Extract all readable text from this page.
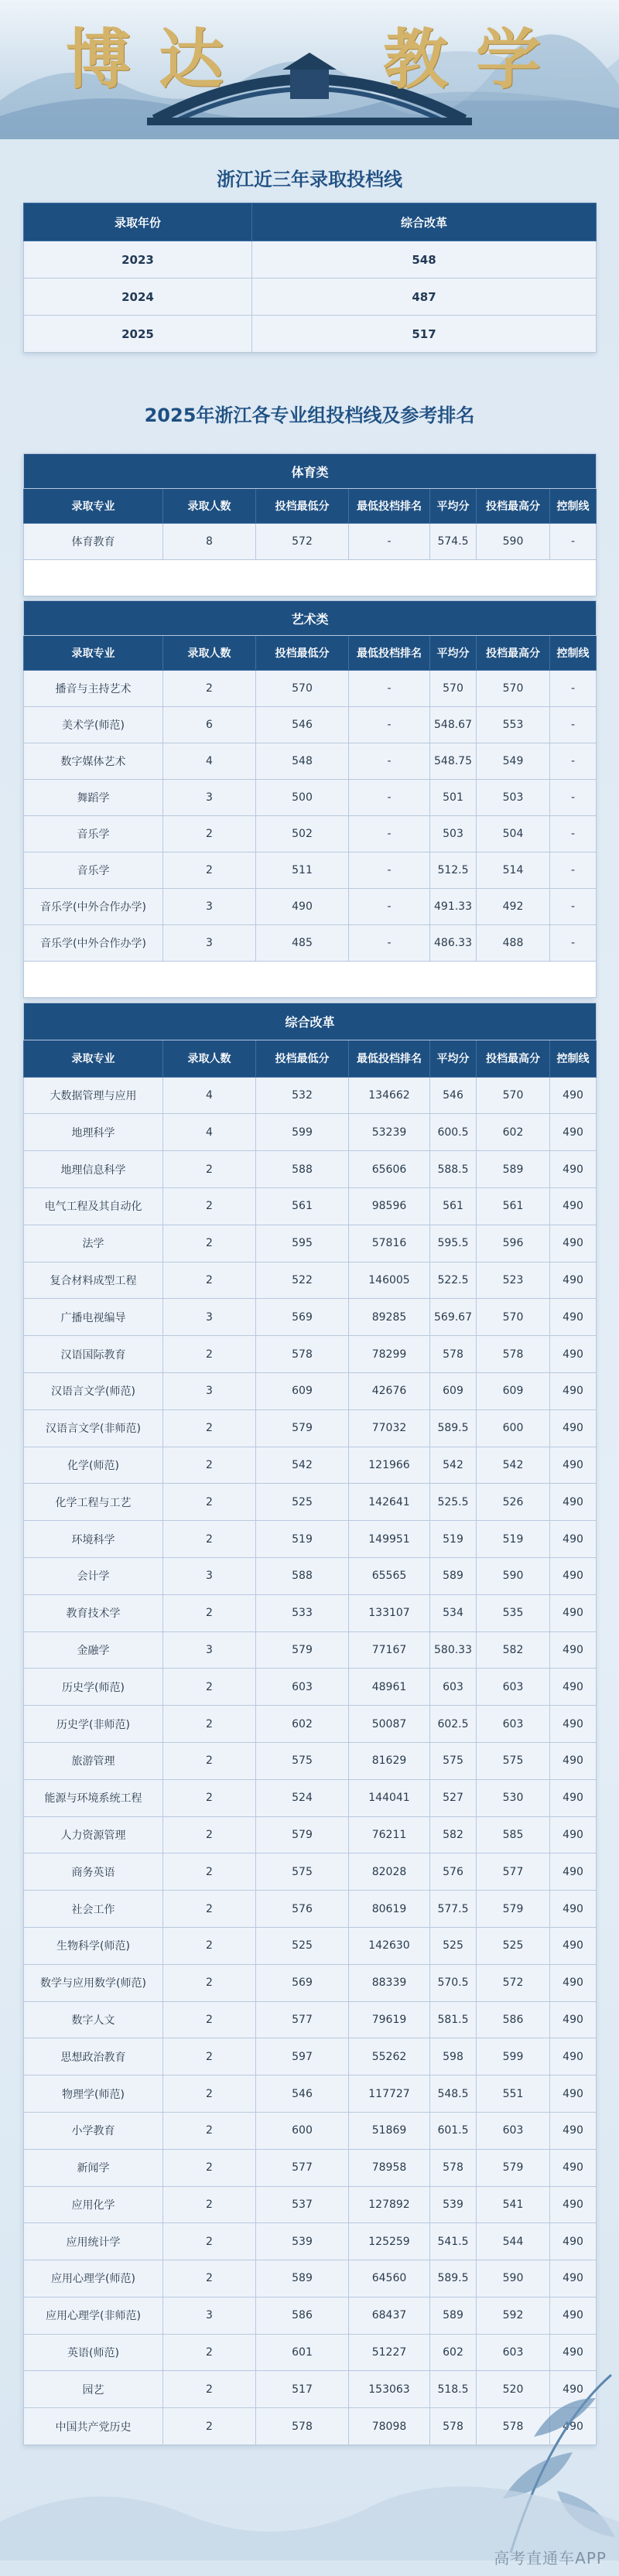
博 达 教 学
浙江近三年录取投档线
录取年份	综合改革
2023	548
2024	487
2025	517
2025年浙江各专业组投档线及参考排名
体育类						
录取专业	录取人数	投档最低分	最低投档排名	平均分	投档最高分	控制线
体育教育	8	572	-	574.5	590	-

艺术类						
录取专业	录取人数	投档最低分	最低投档排名	平均分	投档最高分	控制线
播音与主持艺术	2	570	-	570	570	-
美术学(师范)	6	546	-	548.67	553	-
数字媒体艺术	4	548	-	548.75	549	-
舞蹈学	3	500	-	501	503	-
音乐学	2	502	-	503	504	-
音乐学	2	511	-	512.5	514	-
音乐学(中外合作办学)	3	490	-	491.33	492	-
音乐学(中外合作办学)	3	485	-	486.33	488	-

综合改革						
录取专业	录取人数	投档最低分	最低投档排名	平均分	投档最高分	控制线
大数据管理与应用	4	532	134662	546	570	490
地理科学	4	599	53239	600.5	602	490
地理信息科学	2	588	65606	588.5	589	490
电气工程及其自动化	2	561	98596	561	561	490
法学	2	595	57816	595.5	596	490
复合材料成型工程	2	522	146005	522.5	523	490
广播电视编导	3	569	89285	569.67	570	490
汉语国际教育	2	578	78299	578	578	490
汉语言文学(师范)	3	609	42676	609	609	490
汉语言文学(非师范)	2	579	77032	589.5	600	490
化学(师范)	2	542	121966	542	542	490
化学工程与工艺	2	525	142641	525.5	526	490
环境科学	2	519	149951	519	519	490
会计学	3	588	65565	589	590	490
教育技术学	2	533	133107	534	535	490
金融学	3	579	77167	580.33	582	490
历史学(师范)	2	603	48961	603	603	490
历史学(非师范)	2	602	50087	602.5	603	490
旅游管理	2	575	81629	575	575	490
能源与环境系统工程	2	524	144041	527	530	490
人力资源管理	2	579	76211	582	585	490
商务英语	2	575	82028	576	577	490
社会工作	2	576	80619	577.5	579	490
生物科学(师范)	2	525	142630	525	525	490
数学与应用数学(师范)	2	569	88339	570.5	572	490
数字人文	2	577	79619	581.5	586	490
思想政治教育	2	597	55262	598	599	490
物理学(师范)	2	546	117727	548.5	551	490
小学教育	2	600	51869	601.5	603	490
新闻学	2	577	78958	578	579	490
应用化学	2	537	127892	539	541	490
应用统计学	2	539	125259	541.5	544	490
应用心理学(师范)	2	589	64560	589.5	590	490
应用心理学(非师范)	3	586	68437	589	592	490
英语(师范)	2	601	51227	602	603	490
园艺	2	517	153063	518.5	520	490
中国共产党历史	2	578	78098	578	578	490
高考直通车APP
